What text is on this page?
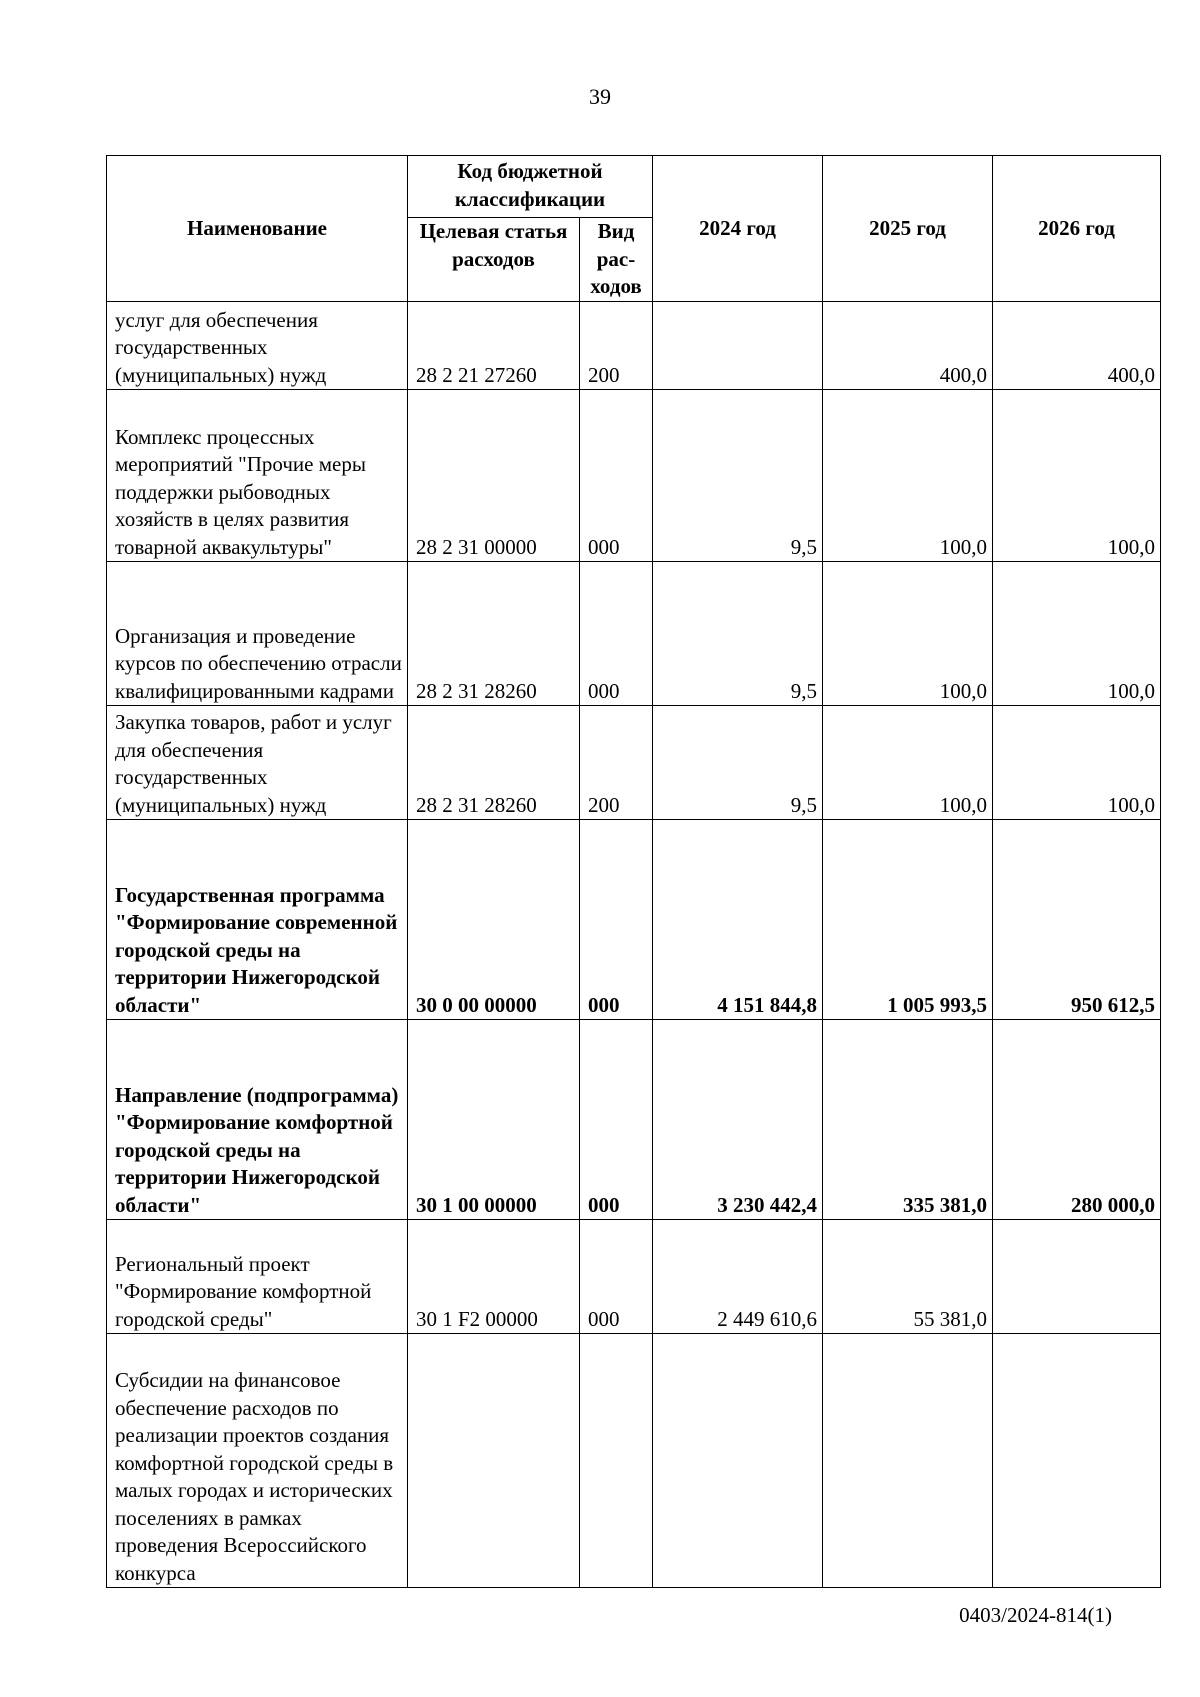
39
Наименование	Код бюджетной классификации		2024 год	2025 год	2026 год
	Целевая статья расходов	Вид рас-ходов			
услуг для обеспечения государственных (муниципальных) нужд	28 2 21 27260	200		400,0	400,0
Комплекс процессных мероприятий "Прочие меры поддержки рыбоводных хозяйств в целях развития товарной аквакультуры"	28 2 31 00000	000	9,5	100,0	100,0
Организация и проведение курсов по обеспечению отрасли квалифицированными кадрами	28 2 31 28260	000	9,5	100,0	100,0
Закупка товаров, работ и услуг для обеспечения государственных (муниципальных) нужд	28 2 31 28260	200	9,5	100,0	100,0
Государственная программа "Формирование современной городской среды на территории Нижегородской области"	30 0 00 00000	000	4 151 844,8	1 005 993,5	950 612,5
Направление (подпрограмма) "Формирование комфортной городской среды на территории Нижегородской области"	30 1 00 00000	000	3 230 442,4	335 381,0	280 000,0
Региональный проект "Формирование комфортной городской среды"	30 1 F2 00000	000	2 449 610,6	55 381,0	
Субсидии на финансовое обеспечение расходов по реализации проектов создания комфортной городской среды в малых городах и исторических поселениях в рамках проведения Всероссийского конкурса					
0403/2024-814(1)
